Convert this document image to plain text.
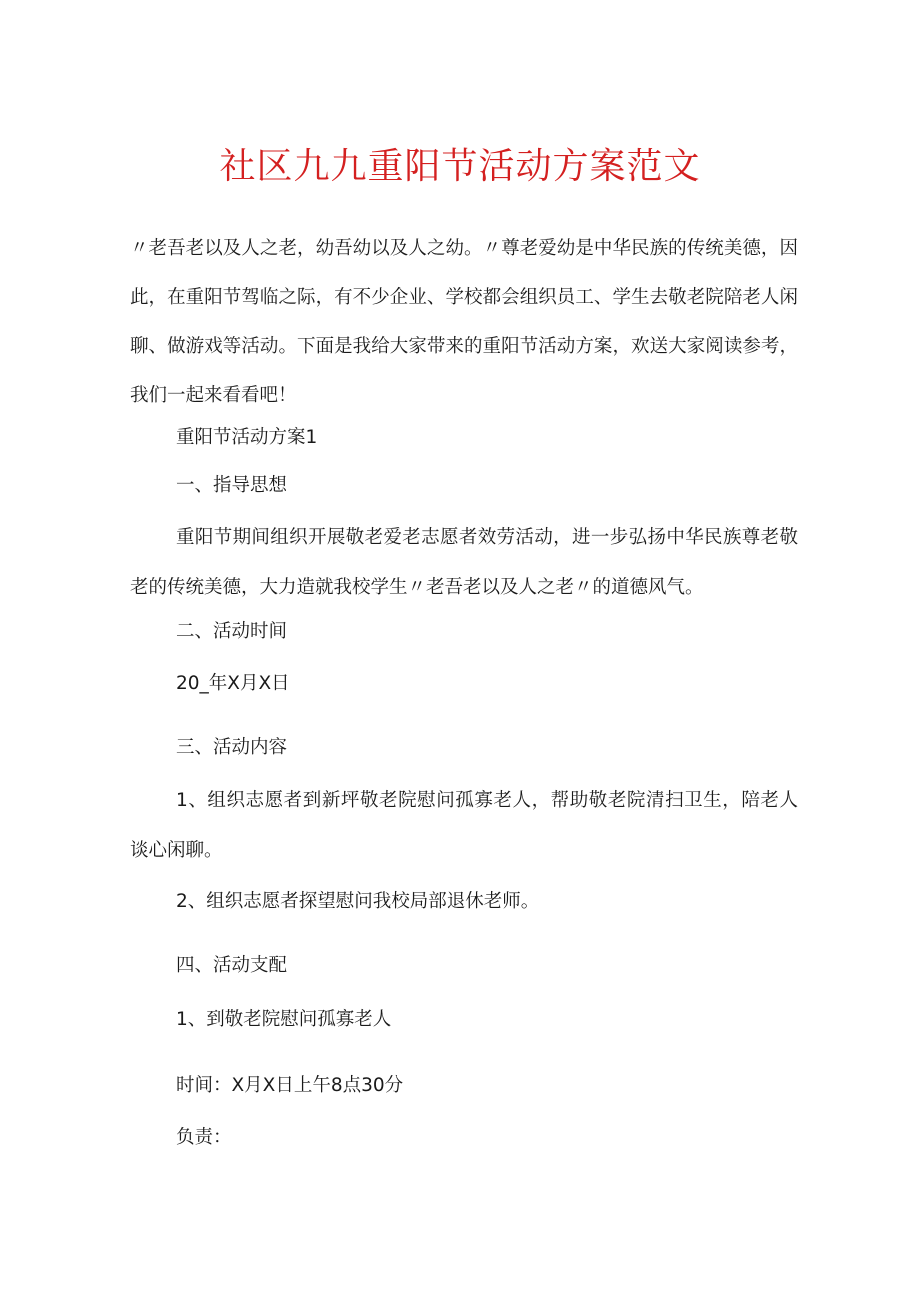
社区九九重阳节活动方案范文

〃老吾老以及人之老，幼吾幼以及人之幼。〃尊老爱幼是中华民族的传统美德，因此，在重阳节驾临之际，有不少企业、学校都会组织员工、学生去敬老院陪老人闲聊、做游戏等活动。下面是我给大家带来的重阳节活动方案，欢送大家阅读参考，我们一起来看看吧！

重阳节活动方案1

一、指导思想

重阳节期间组织开展敬老爱老志愿者效劳活动，进一步弘扬中华民族尊老敬老的传统美德，大力造就我校学生〃老吾老以及人之老〃的道德风气。

二、活动时间

20_年X月X日

三、活动内容

1、组织志愿者到新坪敬老院慰问孤寡老人，帮助敬老院清扫卫生，陪老人谈心闲聊。

2、组织志愿者探望慰问我校局部退休老师。

四、活动支配

1、到敬老院慰问孤寡老人

时间：X月X日上午8点30分

负责：
